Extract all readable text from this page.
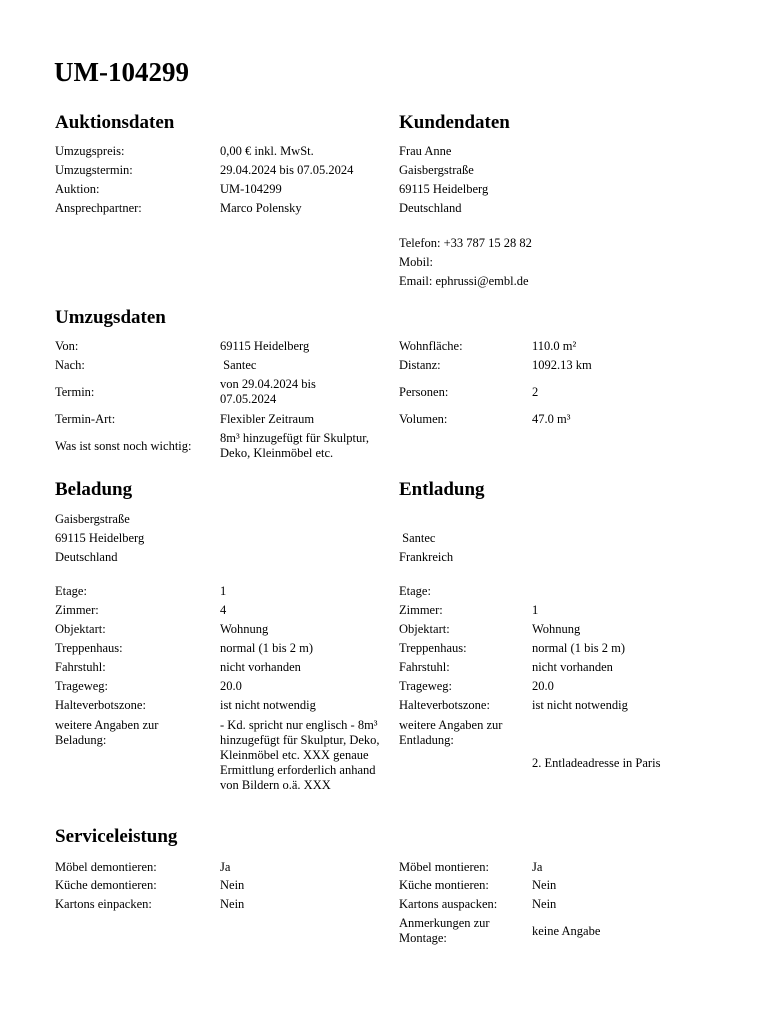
UM-104299
Auktionsdaten
Umzugspreis:	0,00 € inkl. MwSt.
Umzugstermin:	29.04.2024 bis 07.05.2024
Auktion:	UM-104299
Ansprechpartner:	Marco Polensky
Kundendaten
Frau Anne
Gaisbergstraße
69115 Heidelberg
Deutschland
Telefon: +33 787 15 28 82
Mobil:
Email: ephrussi@embl.de
Umzugsdaten
Von:	69115 Heidelberg
Nach:	Santec
Termin:
von 29.04.2024 bis 07.05.2024
Termin-Art:	Flexibler Zeitraum
Was ist sonst noch wichtig:
8m³ hinzugefügt für Skulptur, Deko, Kleinmöbel etc.
Wohnfläche:	110.0 m²
Distanz:	1092.13 km
Personen:	2
Volumen:	47.0 m³
Beladung
Gaisbergstraße
69115 Heidelberg
Deutschland
Etage:	1
Zimmer:	4
Objektart:	Wohnung
Treppenhaus:	normal (1 bis 2 m)
Fahrstuhl:	nicht vorhanden
Trageweg:	20.0
Halteverbotszone:	ist nicht notwendig
weitere Angaben zur Beladung:
- Kd. spricht nur englisch - 8m³ hinzugefügt für Skulptur, Deko, Kleinmöbel etc. XXX genaue Ermittlung erforderlich anhand von Bildern o.ä. XXX
Entladung
Santec
Frankreich
Etage:
Zimmer:	1
Objektart:	Wohnung
Treppenhaus:	normal (1 bis 2 m)
Fahrstuhl:	nicht vorhanden
Trageweg:	20.0
Halteverbotszone:	ist nicht notwendig
weitere Angaben zur Entladung:
2. Entladeadresse in Paris
Serviceleistung
Möbel demontieren:	Ja
Küche demontieren:	Nein
Kartons einpacken:	Nein
Möbel montieren:	Ja
Küche montieren:	Nein
Kartons auspacken:	Nein
Anmerkungen zur Montage:	keine Angabe
